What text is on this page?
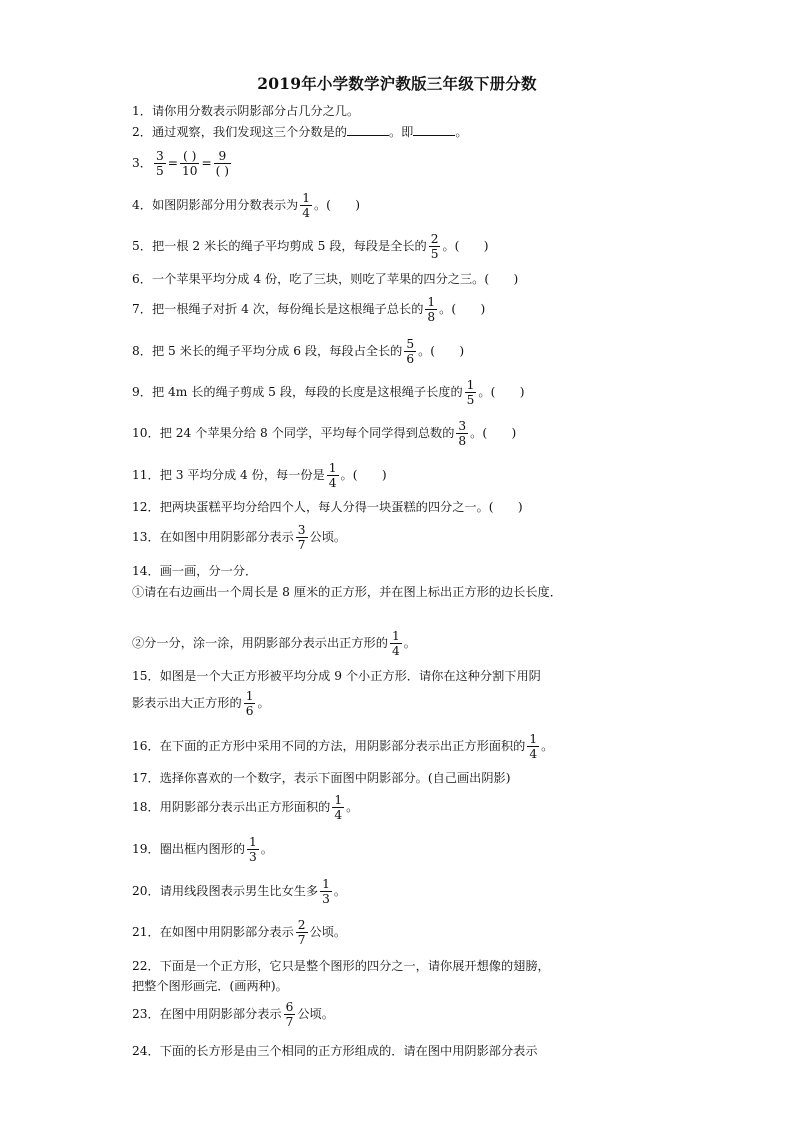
2019年小学数学沪教版三年级下册分数
1．请你用分数表示阴影部分占几分之几。
2．通过观察，我们发现这三个分数是的	。即	。
3． $\frac{3}{5} = \frac{( )}{10} = \frac{9}{( )}$
4．如图阴影部分用分数表示为 $\frac{1}{4}$ 。(　　)
5．把一根 2 米长的绳子平均剪成 5 段，每段是全长的 $\frac{2}{5}$ 。(　　)
6．一个苹果平均分成 4 份，吃了三块，则吃了苹果的四分之三。(　　)
7．把一根绳子对折 4 次，每份绳长是这根绳子总长的 $\frac{1}{8}$ 。(　　)
8．把 5 米长的绳子平均分成 6 段，每段占全长的 $\frac{5}{6}$ 。(　　)
9．把 4m 长的绳子剪成 5 段，每段的长度是这根绳子长度的 $\frac{1}{5}$ 。(　　)
10．把 24 个苹果分给 8 个同学，平均每个同学得到总数的 $\frac{3}{8}$ 。(　　)
11．把 3 平均分成 4 份，每一份是 $\frac{1}{4}$ 。(　　)
12．把两块蛋糕平均分给四个人，每人分得一块蛋糕的四分之一。(　　)
13．在如图中用阴影部分表示 $\frac{3}{7}$ 公顷。
14．画一画，分一分．
①请在右边画出一个周长是 8 厘米的正方形，并在图上标出正方形的边长长度．
②分一分，涂一涂，用阴影部分表示出正方形的 $\frac{1}{4}$ 。
15．如图是一个大正方形被平均分成 9 个小正方形．请你在这种分割下用阴
影表示出大正方形的 $\frac{1}{6}$ 。
16．在下面的正方形中采用不同的方法，用阴影部分表示出正方形面积的 $\frac{1}{4}$ 。
17．选择你喜欢的一个数字，表示下面图中阴影部分。(自己画出阴影)
18．用阴影部分表示出正方形面积的 $\frac{1}{4}$ 。
19．圈出框内图形的 $\frac{1}{3}$ 。
20．请用线段图表示男生比女生多 $\frac{1}{3}$ 。
21．在如图中用阴影部分表示 $\frac{2}{7}$ 公顷。
22．下面是一个正方形，它只是整个图形的四分之一，请你展开想像的翅膀，
把整个图形画完．(画两种)。
23．在图中用阴影部分表示 $\frac{6}{7}$ 公顷。
24．下面的长方形是由三个相同的正方形组成的．请在图中用阴影部分表示
